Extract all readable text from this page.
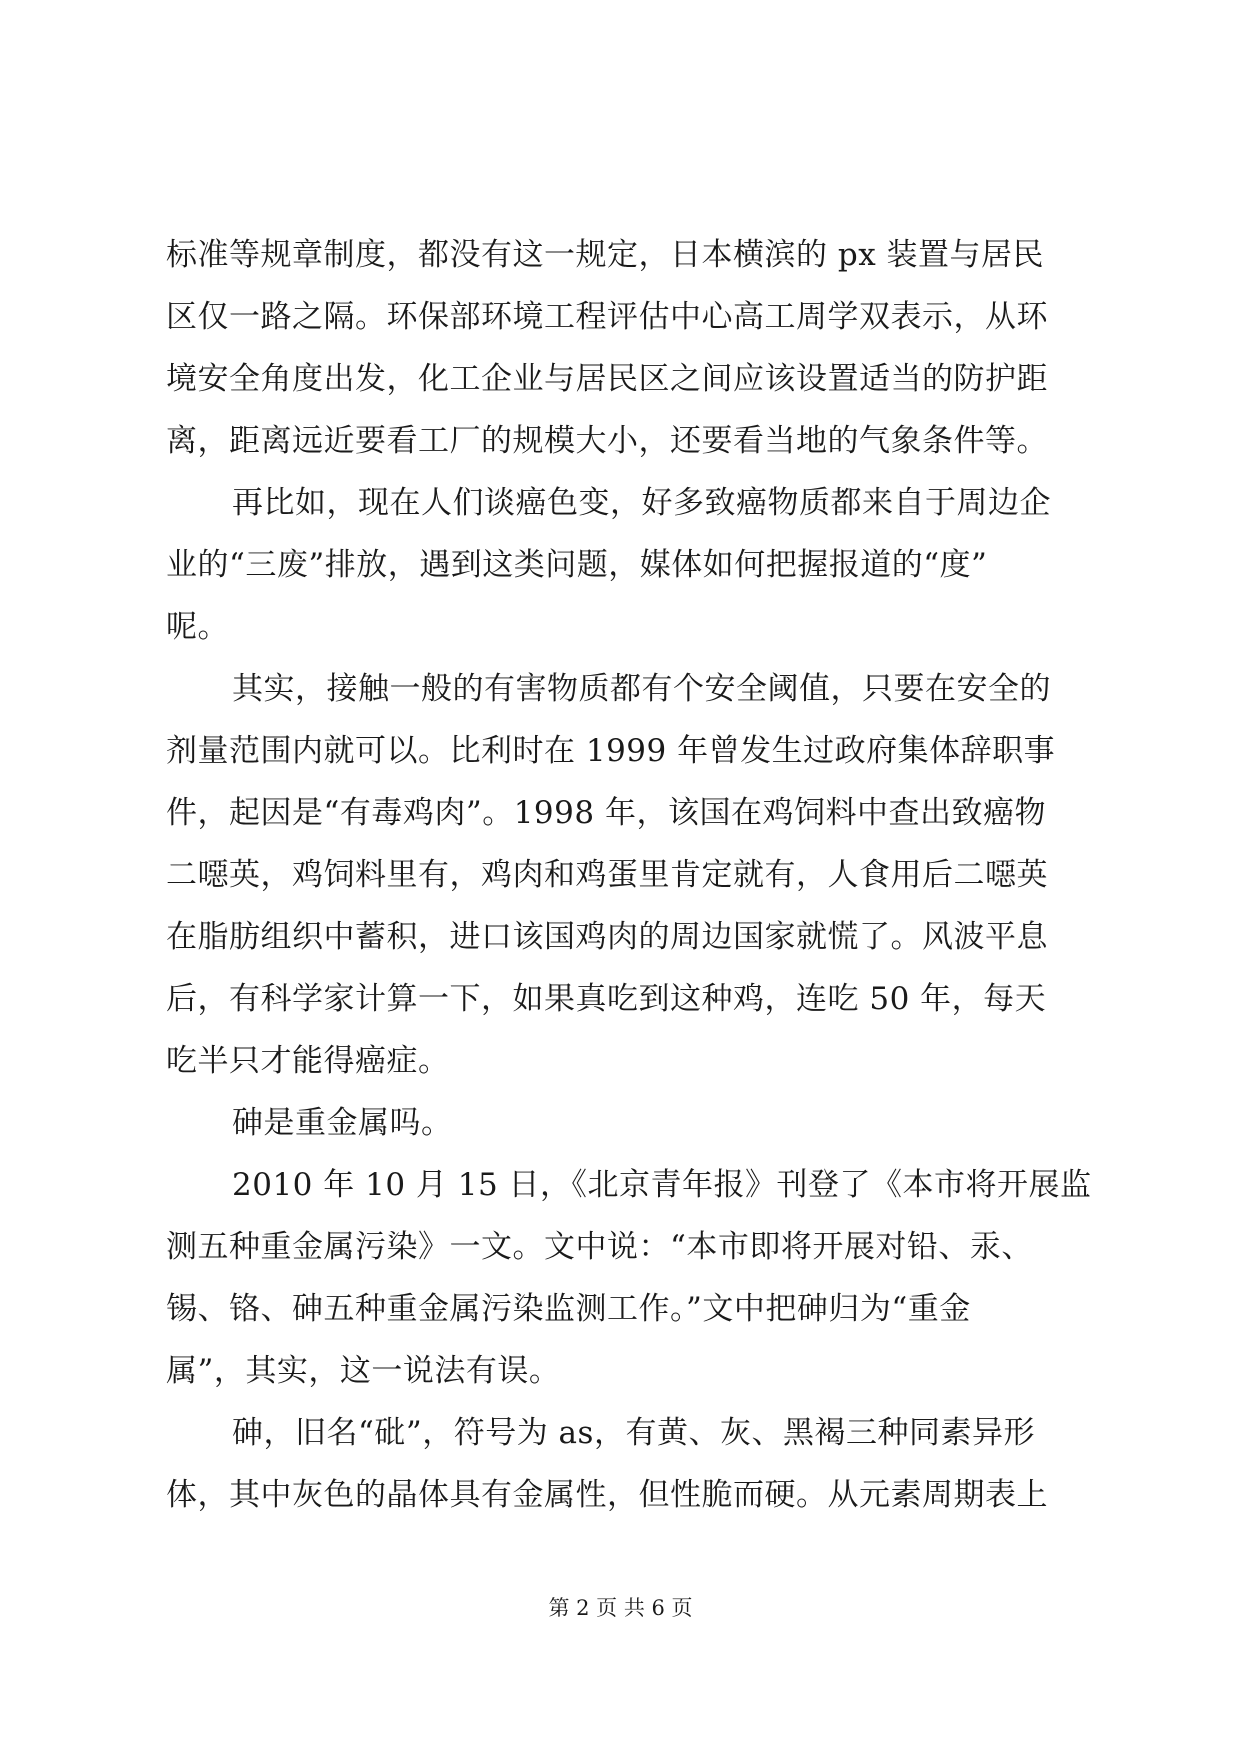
标准等规章制度，都没有这一规定，日本横滨的 px 装置与居民
区仅一路之隔。环保部环境工程评估中心高工周学双表示，从环
境安全角度出发，化工企业与居民区之间应该设置适当的防护距
离，距离远近要看工厂的规模大小，还要看当地的气象条件等。
再比如，现在人们谈癌色变，好多致癌物质都来自于周边企
业的“三废”排放，遇到这类问题，媒体如何把握报道的“度”
呢。
其实，接触一般的有害物质都有个安全阈值，只要在安全的
剂量范围内就可以。比利时在 1999 年曾发生过政府集体辞职事
件，起因是“有毒鸡肉”。1998 年，该国在鸡饲料中查出致癌物
二噁英，鸡饲料里有，鸡肉和鸡蛋里肯定就有，人食用后二噁英
在脂肪组织中蓄积，进口该国鸡肉的周边国家就慌了。风波平息
后，有科学家计算一下，如果真吃到这种鸡，连吃 50 年，每天
吃半只才能得癌症。
砷是重金属吗。
2010 年 10 月 15 日，《北京青年报》刊登了《本市将开展监
测五种重金属污染》一文。文中说：“本市即将开展对铅、汞、
锡、铬、砷五种重金属污染监测工作。”文中把砷归为“重金
属”，其实，这一说法有误。
砷，旧名“砒”，符号为 as，有黄、灰、黑褐三种同素异形
体，其中灰色的晶体具有金属性，但性脆而硬。从元素周期表上
第 2 页 共 6 页
